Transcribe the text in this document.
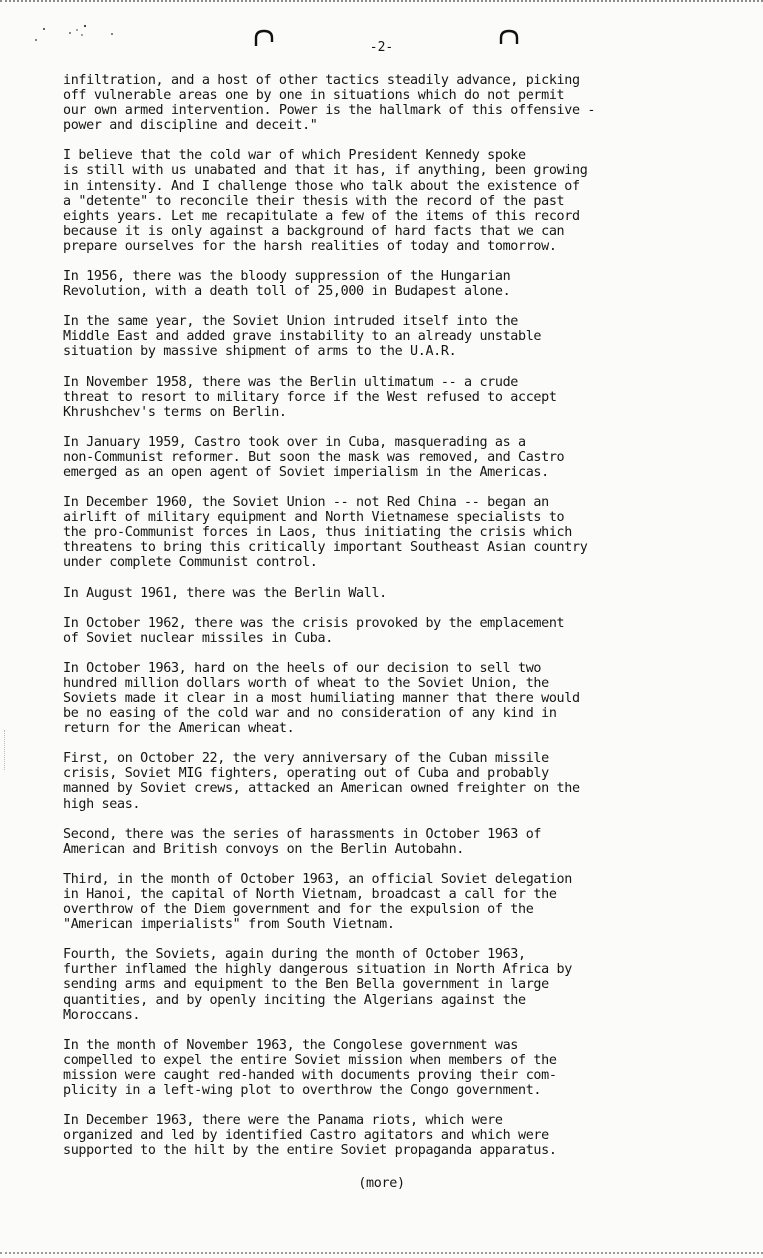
-2-

infiltration, and a host of other tactics steadily advance, picking
off vulnerable areas one by one in situations which do not permit
our own armed intervention. Power is the hallmark of this offensive -
power and discipline and deceit."

I believe that the cold war of which President Kennedy spoke
is still with us unabated and that it has, if anything, been growing
in intensity. And I challenge those who talk about the existence of
a "detente" to reconcile their thesis with the record of the past
eights years. Let me recapitulate a few of the items of this record
because it is only against a background of hard facts that we can
prepare ourselves for the harsh realities of today and tomorrow.

In 1956, there was the bloody suppression of the Hungarian
Revolution, with a death toll of 25,000 in Budapest alone.

In the same year, the Soviet Union intruded itself into the
Middle East and added grave instability to an already unstable
situation by massive shipment of arms to the U.A.R.

In November 1958, there was the Berlin ultimatum -- a crude
threat to resort to military force if the West refused to accept
Khrushchev's terms on Berlin.

In January 1959, Castro took over in Cuba, masquerading as a
non-Communist reformer. But soon the mask was removed, and Castro
emerged as an open agent of Soviet imperialism in the Americas.

In December 1960, the Soviet Union -- not Red China -- began an
airlift of military equipment and North Vietnamese specialists to
the pro-Communist forces in Laos, thus initiating the crisis which
threatens to bring this critically important Southeast Asian country
under complete Communist control.

In August 1961, there was the Berlin Wall.

In October 1962, there was the crisis provoked by the emplacement
of Soviet nuclear missiles in Cuba.

In October 1963, hard on the heels of our decision to sell two
hundred million dollars worth of wheat to the Soviet Union, the
Soviets made it clear in a most humiliating manner that there would
be no easing of the cold war and no consideration of any kind in
return for the American wheat.

First, on October 22, the very anniversary of the Cuban missile
crisis, Soviet MIG fighters, operating out of Cuba and probably
manned by Soviet crews, attacked an American owned freighter on the
high seas.

Second, there was the series of harassments in October 1963 of
American and British convoys on the Berlin Autobahn.

Third, in the month of October 1963, an official Soviet delegation
in Hanoi, the capital of North Vietnam, broadcast a call for the
overthrow of the Diem government and for the expulsion of the
"American imperialists" from South Vietnam.

Fourth, the Soviets, again during the month of October 1963,
further inflamed the highly dangerous situation in North Africa by
sending arms and equipment to the Ben Bella government in large
quantities, and by openly inciting the Algerians against the
Moroccans.

In the month of November 1963, the Congolese government was
compelled to expel the entire Soviet mission when members of the
mission were caught red-handed with documents proving their com-
plicity in a left-wing plot to overthrow the Congo government.

In December 1963, there were the Panama riots, which were
organized and led by identified Castro agitators and which were
supported to the hilt by the entire Soviet propaganda apparatus.

(more)
